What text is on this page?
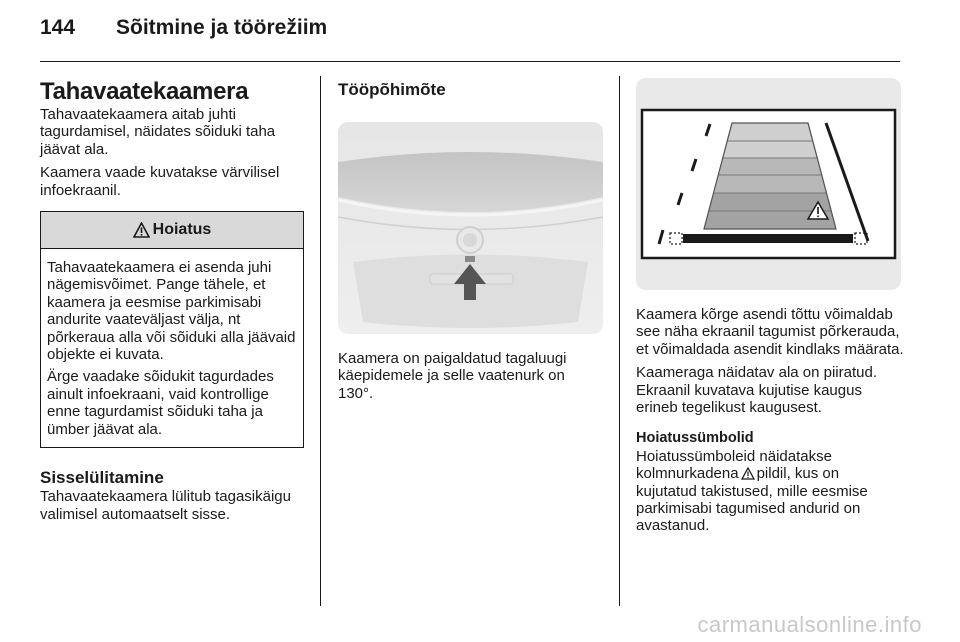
144 Sõitmine ja töörežiim
Tahavaatekaamera

Tahavaatekaamera aitab juhti tagurdamisel, näidates sõiduki taha jäävat ala.

Kaamera vaade kuvatakse värvilisel infoekraanil.

Hoiatus

Tahavaatekaamera ei asenda juhi nägemisvõimet. Pange tähele, et kaamera ja eesmise parkimisabi andurite vaateväljast välja, nt põrkeraua alla või sõiduki alla jäävaid objekte ei kuvata.

Ärge vaadake sõidukit tagurdades ainult infoekraani, vaid kontrollige enne tagurdamist sõiduki taha ja ümber jäävat ala.

Sisselülitamine

Tahavaatekaamera lülitub tagasikäigu valimisel automaatselt sisse.

Tööpõhimõte

Kaamera on paigaldatud tagaluugi käepidemele ja selle vaatenurk on 130°.

Kaamera kõrge asendi tõttu võimaldab see näha ekraanil tagumist põrkerauda, et võimaldada asendit kindlaks määrata.

Kaameraga näidatav ala on piiratud. Ekraanil kuvatava kujutise kaugus erineb tegelikust kaugusest.

Hoiatussümbolid

Hoiatussümboleid näidatakse kolmnurkadena pildil, kus on kujutatud takistused, mille eesmise parkimisabi tagumised andurid on avastanud.

carmanualsonline.info
